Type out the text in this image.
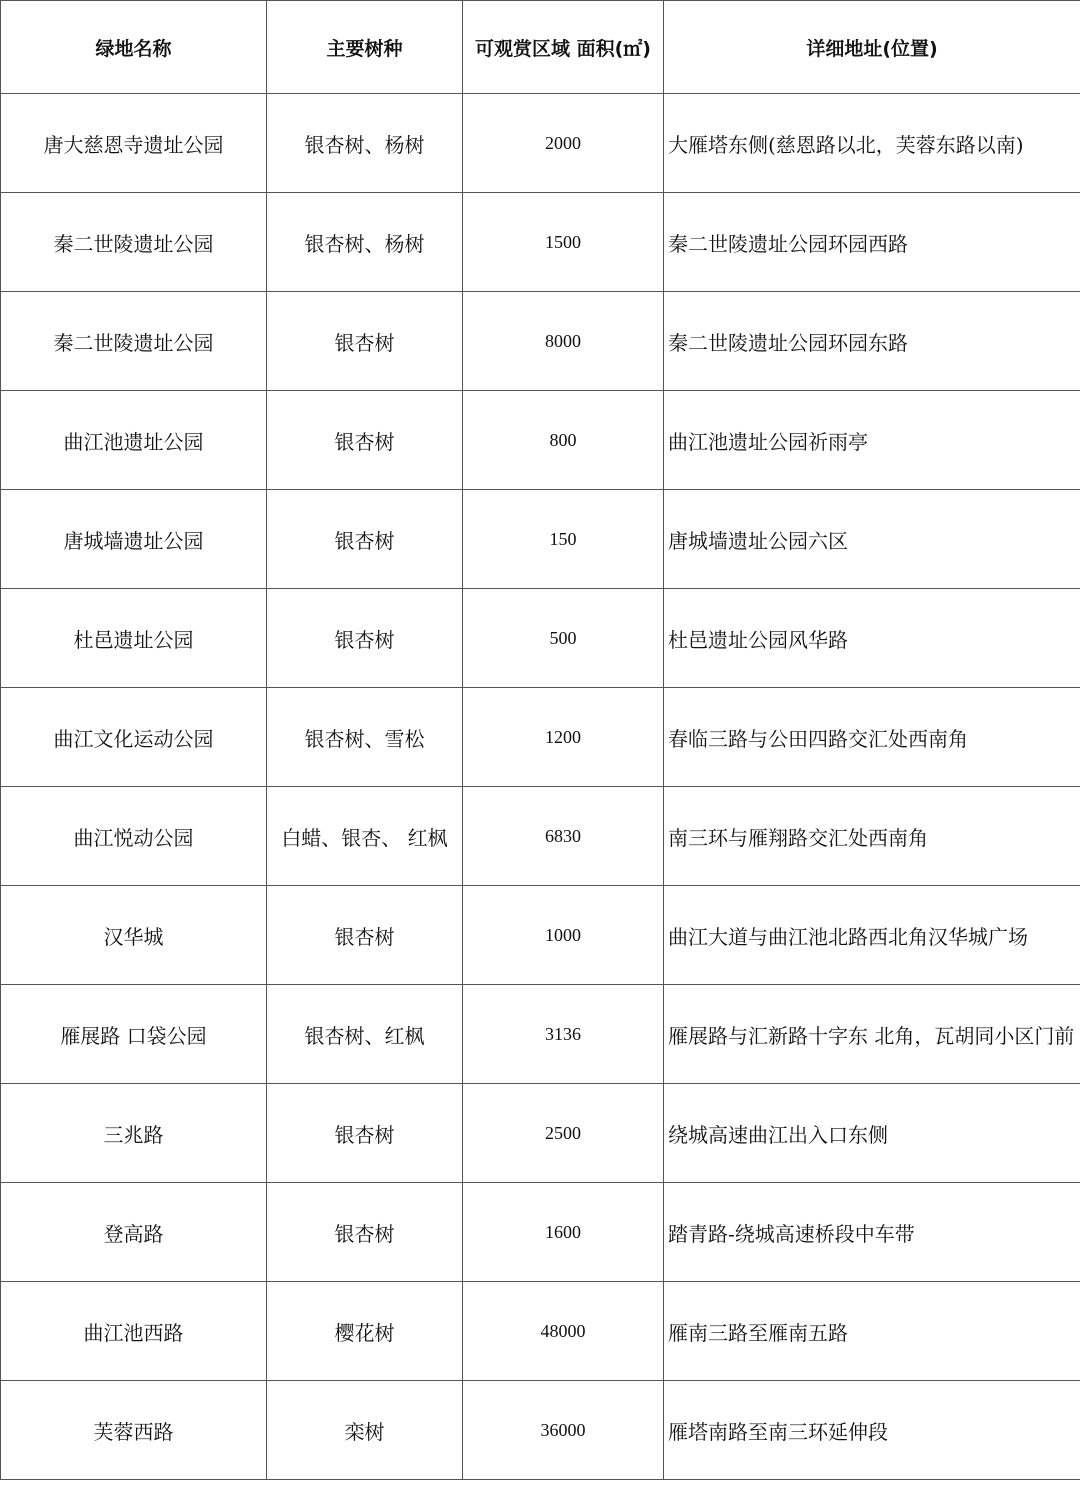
绿地名称	主要树种	可观赏区域 面积(㎡)	详细地址(位置)
唐大慈恩寺遗址公园	银杏树、杨树	2000	大雁塔东侧(慈恩路以北，芙蓉东路以南)
秦二世陵遗址公园	银杏树、杨树	1500	秦二世陵遗址公园环园西路
秦二世陵遗址公园	银杏树	8000	秦二世陵遗址公园环园东路
曲江池遗址公园	银杏树	800	曲江池遗址公园祈雨亭
唐城墙遗址公园	银杏树	150	唐城墙遗址公园六区
杜邑遗址公园	银杏树	500	杜邑遗址公园风华路
曲江文化运动公园	银杏树、雪松	1200	春临三路与公田四路交汇处西南角
曲江悦动公园	白蜡、银杏、 红枫	6830	南三环与雁翔路交汇处西南角
汉华城	银杏树	1000	曲江大道与曲江池北路西北角汉华城广场
雁展路 口袋公园	银杏树、红枫	3136	雁展路与汇新路十字东 北角，瓦胡同小区门前
三兆路	银杏树	2500	绕城高速曲江出入口东侧
登高路	银杏树	1600	踏青路-绕城高速桥段中车带
曲江池西路	樱花树	48000	雁南三路至雁南五路
芙蓉西路	栾树	36000	雁塔南路至南三环延伸段
